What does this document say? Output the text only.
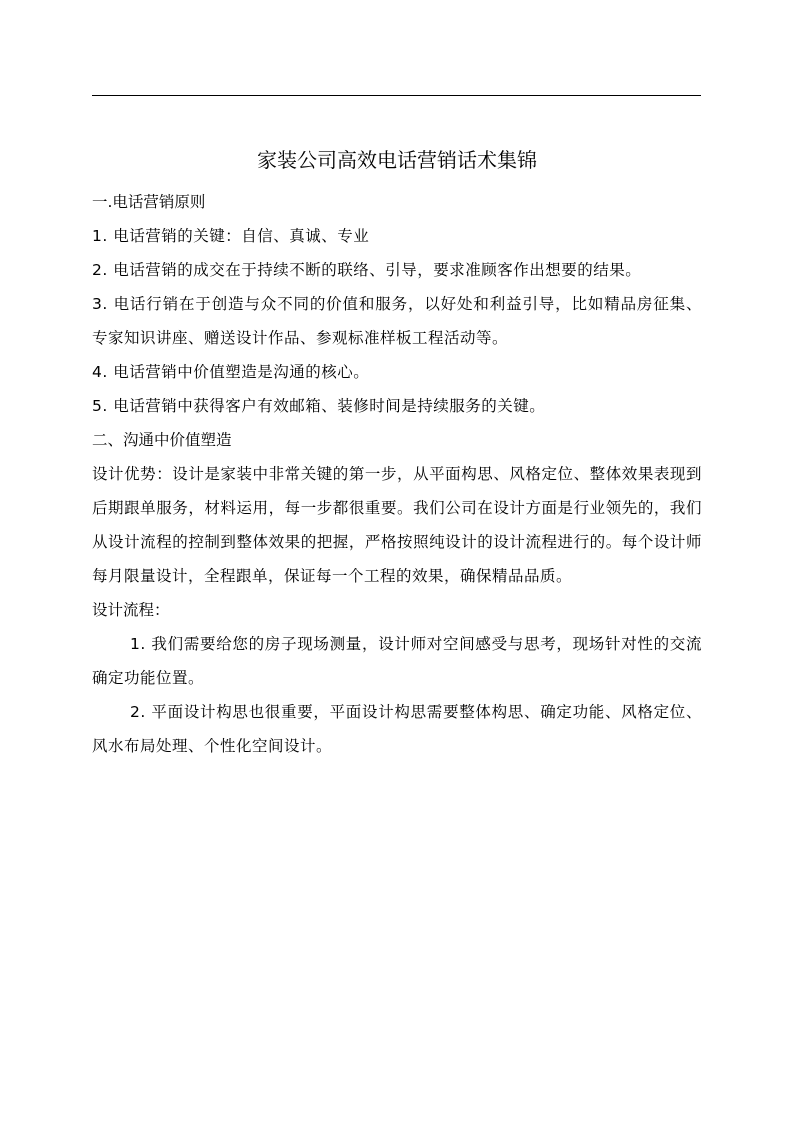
家装公司高效电话营销话术集锦
一.电话营销原则

1. 电话营销的关键：自信、真诚、专业

2. 电话营销的成交在于持续不断的联络、引导，要求准顾客作出想要的结果。

3. 电话行销在于创造与众不同的价值和服务，以好处和利益引导，比如精品房征集、专家知识讲座、赠送设计作品、参观标准样板工程活动等。

4. 电话营销中价值塑造是沟通的核心。

5. 电话营销中获得客户有效邮箱、装修时间是持续服务的关键。

二、沟通中价值塑造

设计优势：设计是家装中非常关键的第一步，从平面构思、风格定位、整体效果表现到后期跟单服务，材料运用，每一步都很重要。我们公司在设计方面是行业领先的，我们从设计流程的控制到整体效果的把握，严格按照纯设计的设计流程进行的。每个设计师每月限量设计，全程跟单，保证每一个工程的效果，确保精品品质。

设计流程：

1. 我们需要给您的房子现场测量，设计师对空间感受与思考，现场针对性的交流确定功能位置。

2. 平面设计构思也很重要，平面设计构思需要整体构思、确定功能、风格定位、风水布局处理、个性化空间设计。
